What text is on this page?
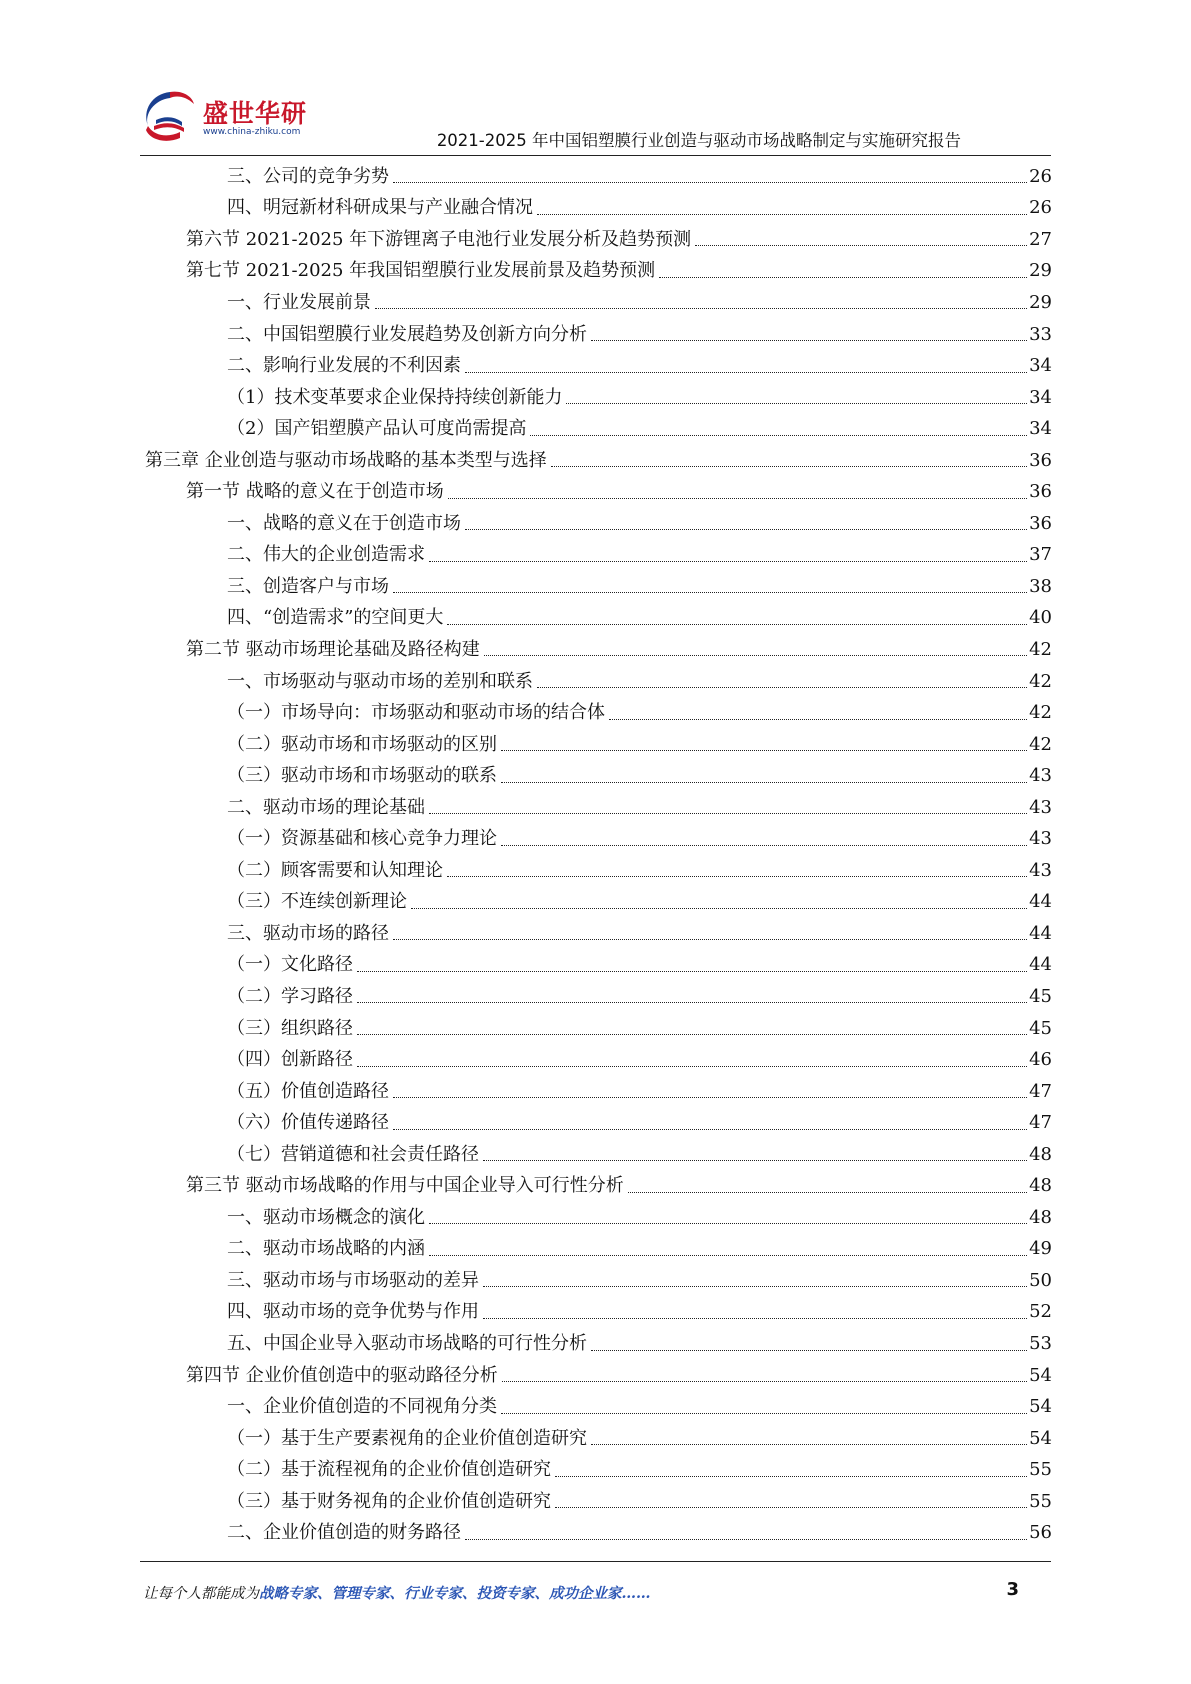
盛世华研
www.china-zhiku.com	2021-2025 年中国铝塑膜行业创造与驱动市场战略制定与实施研究报告
三、公司的竞争劣势	26
四、明冠新材科研成果与产业融合情况	26
第六节 2021-2025 年下游锂离子电池行业发展分析及趋势预测	27
第七节 2021-2025 年我国铝塑膜行业发展前景及趋势预测	29
一、行业发展前景	29
二、中国铝塑膜行业发展趋势及创新方向分析	33
二、影响行业发展的不利因素	34
（1）技术变革要求企业保持持续创新能力	34
（2）国产铝塑膜产品认可度尚需提高	34
第三章 企业创造与驱动市场战略的基本类型与选择	36
第一节 战略的意义在于创造市场	36
一、战略的意义在于创造市场	36
二、伟大的企业创造需求	37
三、创造客户与市场	38
四、“创造需求”的空间更大	40
第二节 驱动市场理论基础及路径构建	42
一、市场驱动与驱动市场的差别和联系	42
（一）市场导向：市场驱动和驱动市场的结合体	42
（二）驱动市场和市场驱动的区别	42
（三）驱动市场和市场驱动的联系	43
二、驱动市场的理论基础	43
（一）资源基础和核心竞争力理论	43
（二）顾客需要和认知理论	43
（三）不连续创新理论	44
三、驱动市场的路径	44
（一）文化路径	44
（二）学习路径	45
（三）组织路径	45
（四）创新路径	46
（五）价值创造路径	47
（六）价值传递路径	47
（七）营销道德和社会责任路径	48
第三节 驱动市场战略的作用与中国企业导入可行性分析	48
一、驱动市场概念的演化	48
二、驱动市场战略的内涵	49
三、驱动市场与市场驱动的差异	50
四、驱动市场的竞争优势与作用	52
五、中国企业导入驱动市场战略的可行性分析	53
第四节 企业价值创造中的驱动路径分析	54
一、企业价值创造的不同视角分类	54
（一）基于生产要素视角的企业价值创造研究	54
（二）基于流程视角的企业价值创造研究	55
（三）基于财务视角的企业价值创造研究	55
二、企业价值创造的财务路径	56
让每个人都能成为战略专家、管理专家、行业专家、投资专家、成功企业家……	3
